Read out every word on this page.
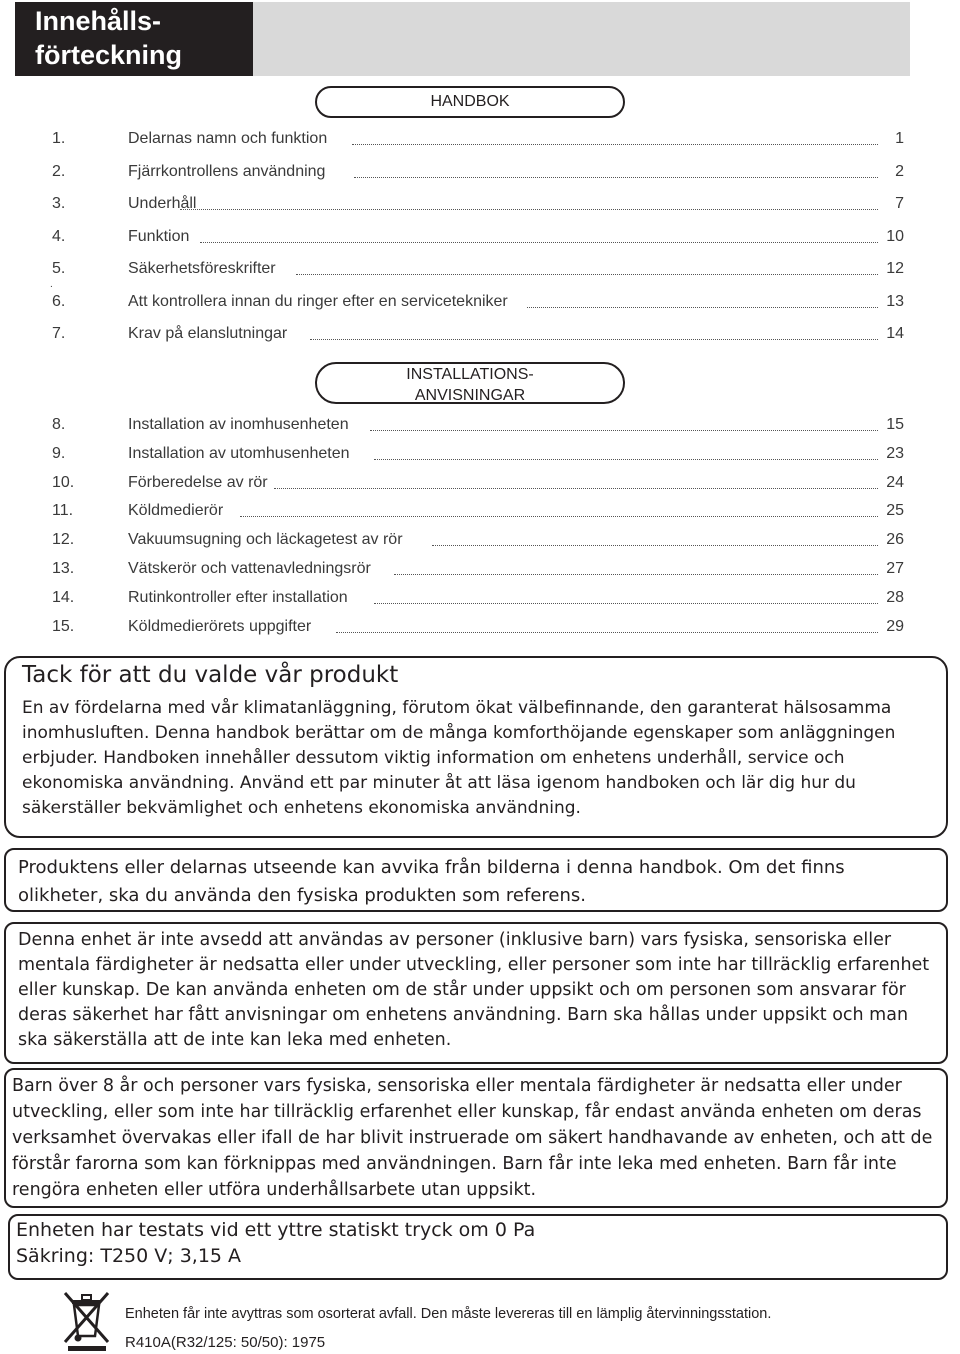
Innehålls-
förteckning
HANDBOK
1.	Delarnas namn och funktion	1
2.	Fjärrkontrollens användning	2
3.	Underhåll	7
4.	Funktion	10
5.	Säkerhetsföreskrifter	12
6.	Att kontrollera innan du ringer efter en servicetekniker	13
7.	Krav på elanslutningar	14
.
INSTALLATIONS-
ANVISNINGAR
8.	Installation av inomhusenheten	15
9.	Installation av utomhusenheten	23
10.	Förberedelse av rör	24
11.	Köldmedierör	25
12.	Vakuumsugning och läckagetest av rör	26
13.	Vätskerör och vattenavledningsrör	27
14.	Rutinkontroller efter installation	28
15.	Köldmedierörets uppgifter	29
Tack för att du valde vår produkt
En av fördelarna med vår klimatanläggning, förutom ökat välbefinnande, den garanterat hälsosamma inomhusluften. Denna handbok berättar om de många komforthöjande egenskaper som anläggningen erbjuder. Handboken innehåller dessutom viktig information om enhetens underhåll, service och ekonomiska användning. Använd ett par minuter åt att läsa igenom handboken och lär dig hur du säkerställer bekvämlighet och enhetens ekonomiska användning.
Produktens eller delarnas utseende kan avvika från bilderna i denna handbok. Om det finns olikheter, ska du använda den fysiska produkten som referens.
Denna enhet är inte avsedd att användas av personer (inklusive barn) vars fysiska, sensoriska eller mentala färdigheter är nedsatta eller under utveckling, eller personer som inte har tillräcklig erfarenhet eller kunskap. De kan använda enheten om de står under uppsikt och om personen som ansvarar för deras säkerhet har fått anvisningar om enhetens användning. Barn ska hållas under uppsikt och man ska säkerställa att de inte kan leka med enheten.
Barn över 8 år och personer vars fysiska, sensoriska eller mentala färdigheter är nedsatta eller under utveckling, eller som inte har tillräcklig erfarenhet eller kunskap, får endast använda enheten om deras verksamhet övervakas eller ifall de har blivit instruerade om säkert handhavande av enheten, och att de förstår farorna som kan förknippas med användningen. Barn får inte leka med enheten. Barn får inte rengöra enheten eller utföra underhållsarbete utan uppsikt.
Enheten har testats vid ett yttre statiskt tryck om 0 Pa
Säkring: T250 V; 3,15 A
Enheten får inte avyttras som osorterat avfall. Den måste levereras till en lämplig återvinningsstation.
R410A(R32/125: 50/50): 1975
